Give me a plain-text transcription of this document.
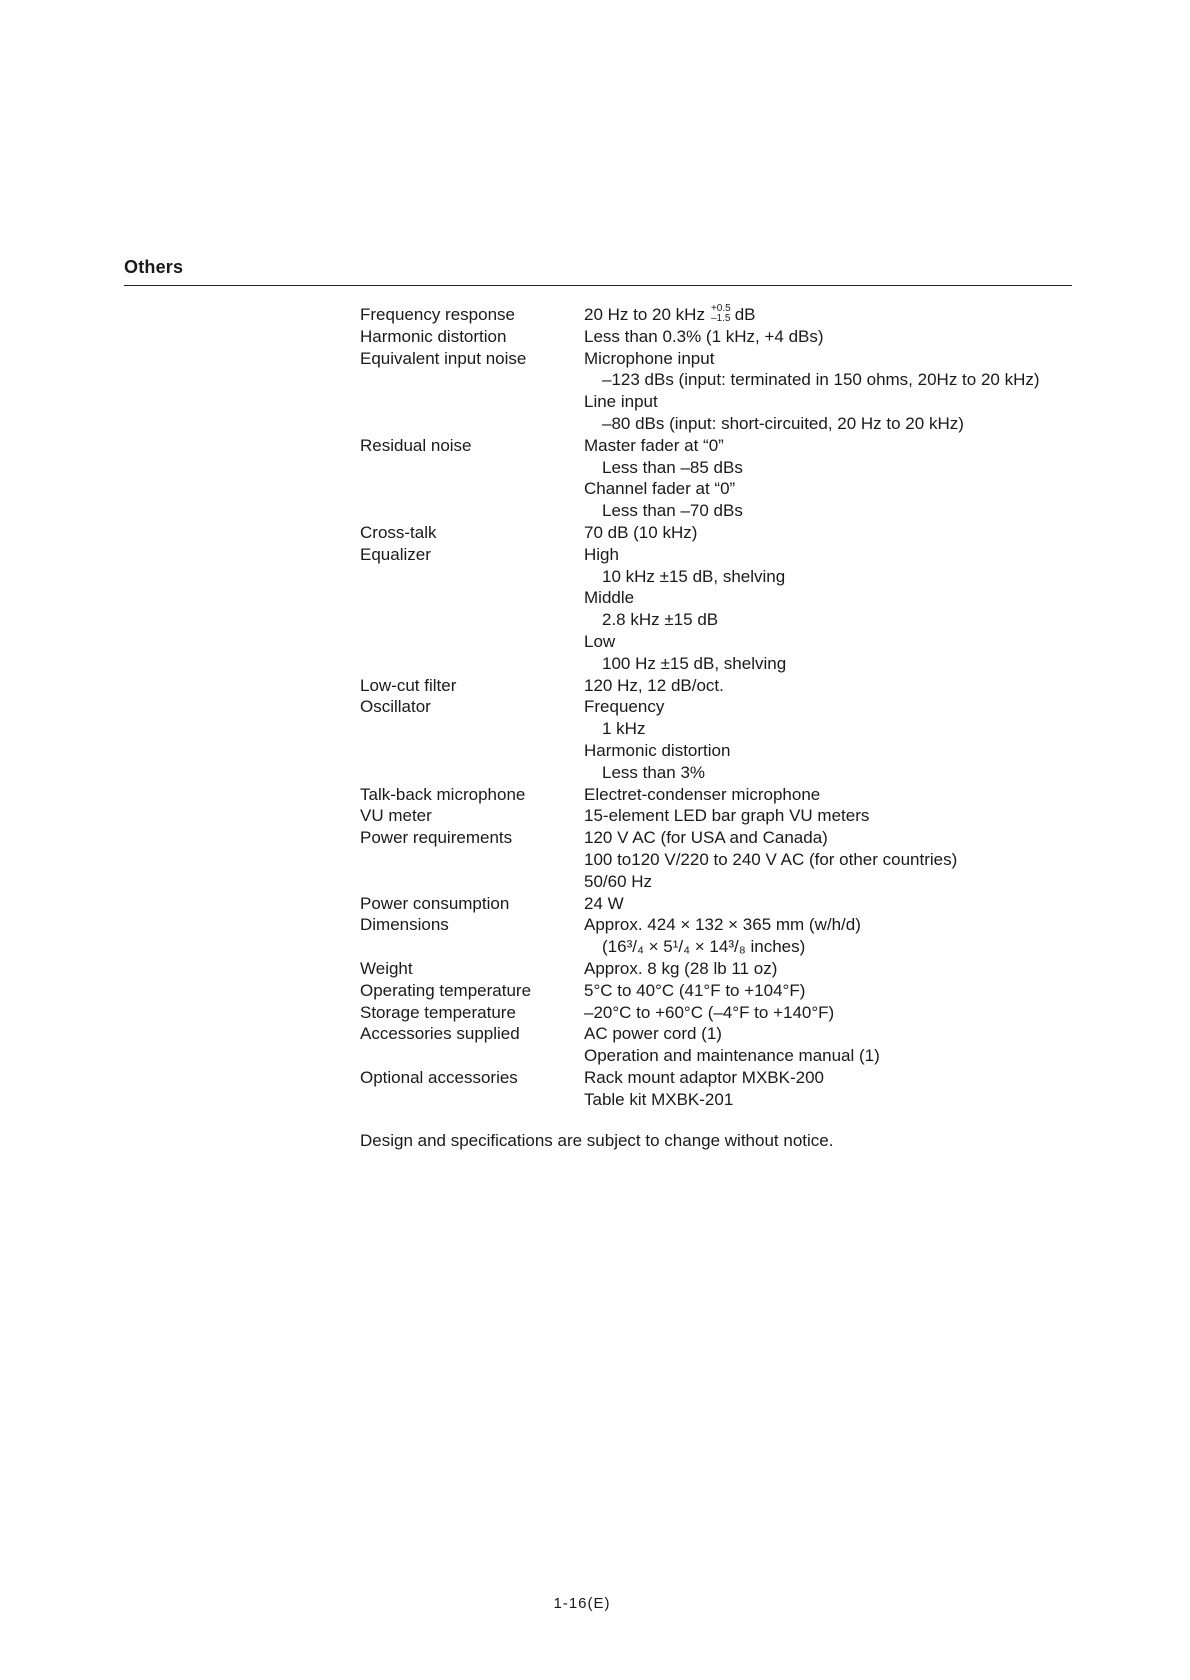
Others
Frequency response	20 Hz to 20 kHz +0.5
–1.5 dB
Harmonic distortion	Less than 0.3% (1 kHz, +4 dBs)
Equivalent input noise	Microphone input
–123 dBs (input: terminated in 150 ohms, 20Hz to 20 kHz)
Line input
–80 dBs (input: short-circuited, 20 Hz to 20 kHz)
Residual noise	Master fader at “0”
Less than –85 dBs
Channel fader at “0”
Less than –70 dBs
Cross-talk	70 dB (10 kHz)
Equalizer	High
10 kHz ±15 dB, shelving
Middle
2.8 kHz ±15 dB
Low
100 Hz ±15 dB, shelving
Low-cut filter	120 Hz, 12 dB/oct.
Oscillator	Frequency
1 kHz
Harmonic distortion
Less than 3%
Talk-back microphone	Electret-condenser microphone
VU meter	15-element LED bar graph VU meters
Power requirements	120 V AC (for USA and Canada)
100 to120 V/220 to 240 V AC (for other countries)
50/60 Hz
Power consumption	24 W
Dimensions	Approx. 424 × 132 × 365 mm (w/h/d)
(16³/₄ × 5¹/₄ × 14³/₈ inches)
Weight	Approx. 8 kg (28 lb 11 oz)
Operating temperature	5°C to 40°C (41°F to +104°F)
Storage temperature	–20°C to +60°C (–4°F to +140°F)
Accessories supplied	AC power cord (1)
Operation and maintenance manual (1)
Optional accessories	Rack mount adaptor MXBK-200
Table kit MXBK-201
Design and specifications are subject to change without notice.
1-16(E)
